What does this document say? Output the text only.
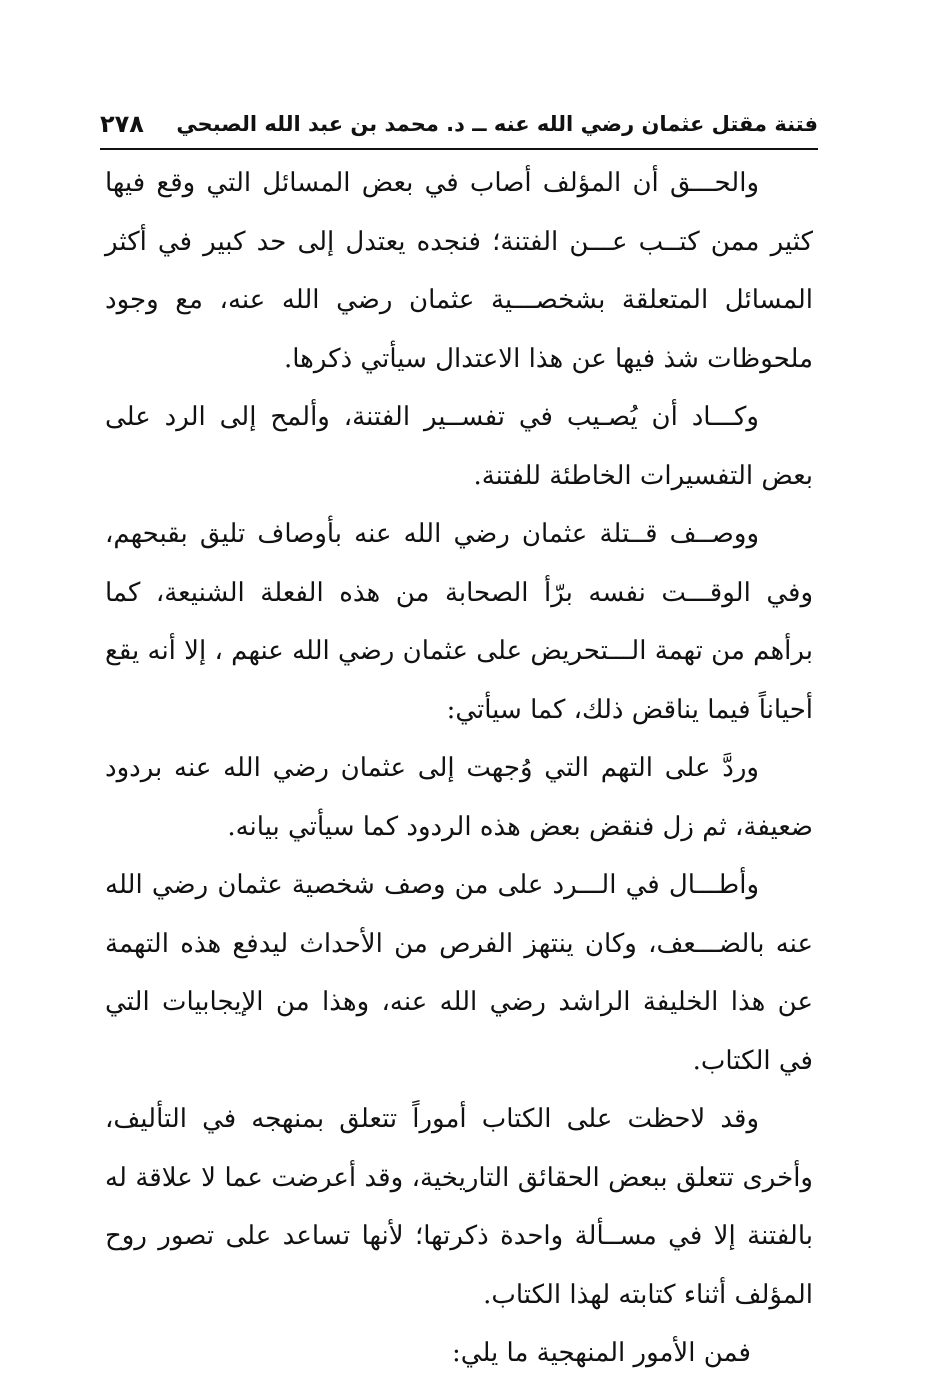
فتنة مقتل عثمان رضي الله عنه ــ د. محمد بن عبد الله الصبحي
٢٧٨

والحـــق أن المؤلف أصاب في بعض المسائل التي وقع فيها كثير ممن كتــب عـــن الفتنة؛ فنجده يعتدل إلى حد كبير في أكثر المسائل المتعلقة بشخصـــية عثمان رضي الله عنه، مع وجود ملحوظات شذ فيها عن هذا الاعتدال سيأتي ذكرها.

وكـــاد أن يُصـيب في تفســير الفتنة، وألمح إلى الرد على بعض التفسيرات الخاطئة للفتنة.

ووصــف قــتلة عثمان رضي الله عنه بأوصاف تليق بقبحهم، وفي الوقـــت نفسه برّأ الصحابة من هذه الفعلة الشنيعة، كما برأهم من تهمة الـــتحريض على عثمان رضي الله عنهم ، إلا أنه يقع أحياناً فيما يناقض ذلك، كما سيأتي:

وردَّ على التهم التي وُجهت إلى عثمان رضي الله عنه بردود ضعيفة، ثم زل فنقض بعض هذه الردود كما سيأتي بيانه.

وأطـــال في الـــرد على من وصف شخصية عثمان رضي الله عنه بالضـــعف، وكان ينتهز الفرص من الأحداث ليدفع هذه التهمة عن هذا الخليفة الراشد رضي الله عنه، وهذا من الإيجابيات التي في الكتاب.

وقد لاحظت على الكتاب أموراً تتعلق بمنهجه في التأليف، وأخرى تتعلق ببعض الحقائق التاريخية، وقد أعرضت عما لا علاقة له بالفتنة إلا في مســألة واحدة ذكرتها؛ لأنها تساعد على تصور روح المؤلف أثناء كتابته لهذا الكتاب.

فمن الأمور المنهجية ما يلي:
